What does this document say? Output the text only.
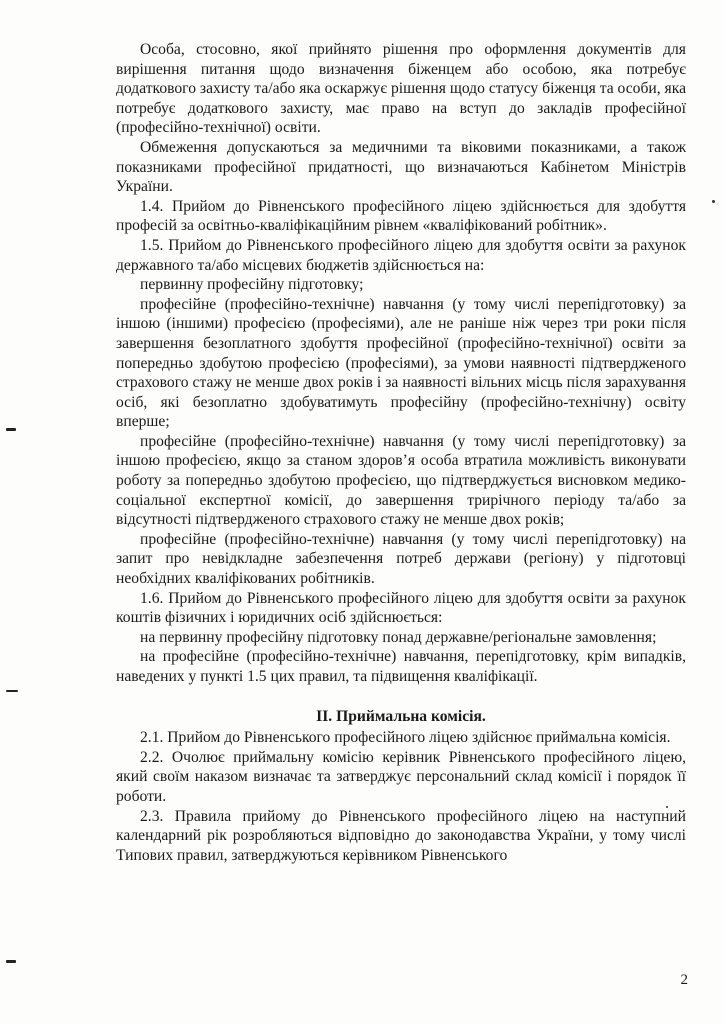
Особа, стосовно, якої прийнято рішення про оформлення документів для вирішення питання щодо визначення біженцем або особою, яка потребує додаткового захисту та/або яка оскаржує рішення щодо статусу біженця та особи, яка потребує додаткового захисту, має право на вступ до закладів професійної (професійно-технічної) освіти.

Обмеження допускаються за медичними та віковими показниками, а також показниками професійної придатності, що визначаються Кабінетом Міністрів України.

1.4. Прийом до Рівненського професійного ліцею здійснюється для здобуття професій за освітньо-кваліфікаційним рівнем «кваліфікований робітник».

1.5. Прийом до Рівненського професійного ліцею для здобуття освіти за рахунок державного та/або місцевих бюджетів здійснюється на:

первинну професійну підготовку;

професійне (професійно-технічне) навчання (у тому числі перепідготовку) за іншою (іншими) професією (професіями), але не раніше ніж через три роки після завершення безоплатного здобуття професійної (професійно-технічної) освіти за попередньо здобутою професією (професіями), за умови наявності підтвердженого страхового стажу не менше двох років і за наявності вільних місць після зарахування осіб, які безоплатно здобуватимуть професійну (професійно-технічну) освіту вперше;

професійне (професійно-технічне) навчання (у тому числі перепідготовку) за іншою професією, якщо за станом здоров’я особа втратила можливість виконувати роботу за попередньо здобутою професією, що підтверджується висновком медико-соціальної експертної комісії, до завершення трирічного періоду та/або за відсутності підтвердженого страхового стажу не менше двох років;

професійне (професійно-технічне) навчання (у тому числі перепідготовку) на запит про невідкладне забезпечення потреб держави (регіону) у підготовці необхідних кваліфікованих робітників.

1.6. Прийом до Рівненського професійного ліцею для здобуття освіти за рахунок коштів фізичних і юридичних осіб здійснюється:

на первинну професійну підготовку понад державне/регіональне замовлення;

на професійне (професійно-технічне) навчання, перепідготовку, крім випадків, наведених у пункті 1.5 цих правил, та підвищення кваліфікації.

ІІ. Приймальна комісія.

2.1. Прийом до Рівненського професійного ліцею здійснює приймальна комісія.

2.2. Очолює приймальну комісію керівник Рівненського професійного ліцею, який своїм наказом визначає та затверджує персональний склад комісії і порядок її роботи.

2.3. Правила прийому до Рівненського професійного ліцею на наступний календарний рік розробляються відповідно до законодавства України, у тому числі Типових правил, затверджуються керівником Рівненського

2
